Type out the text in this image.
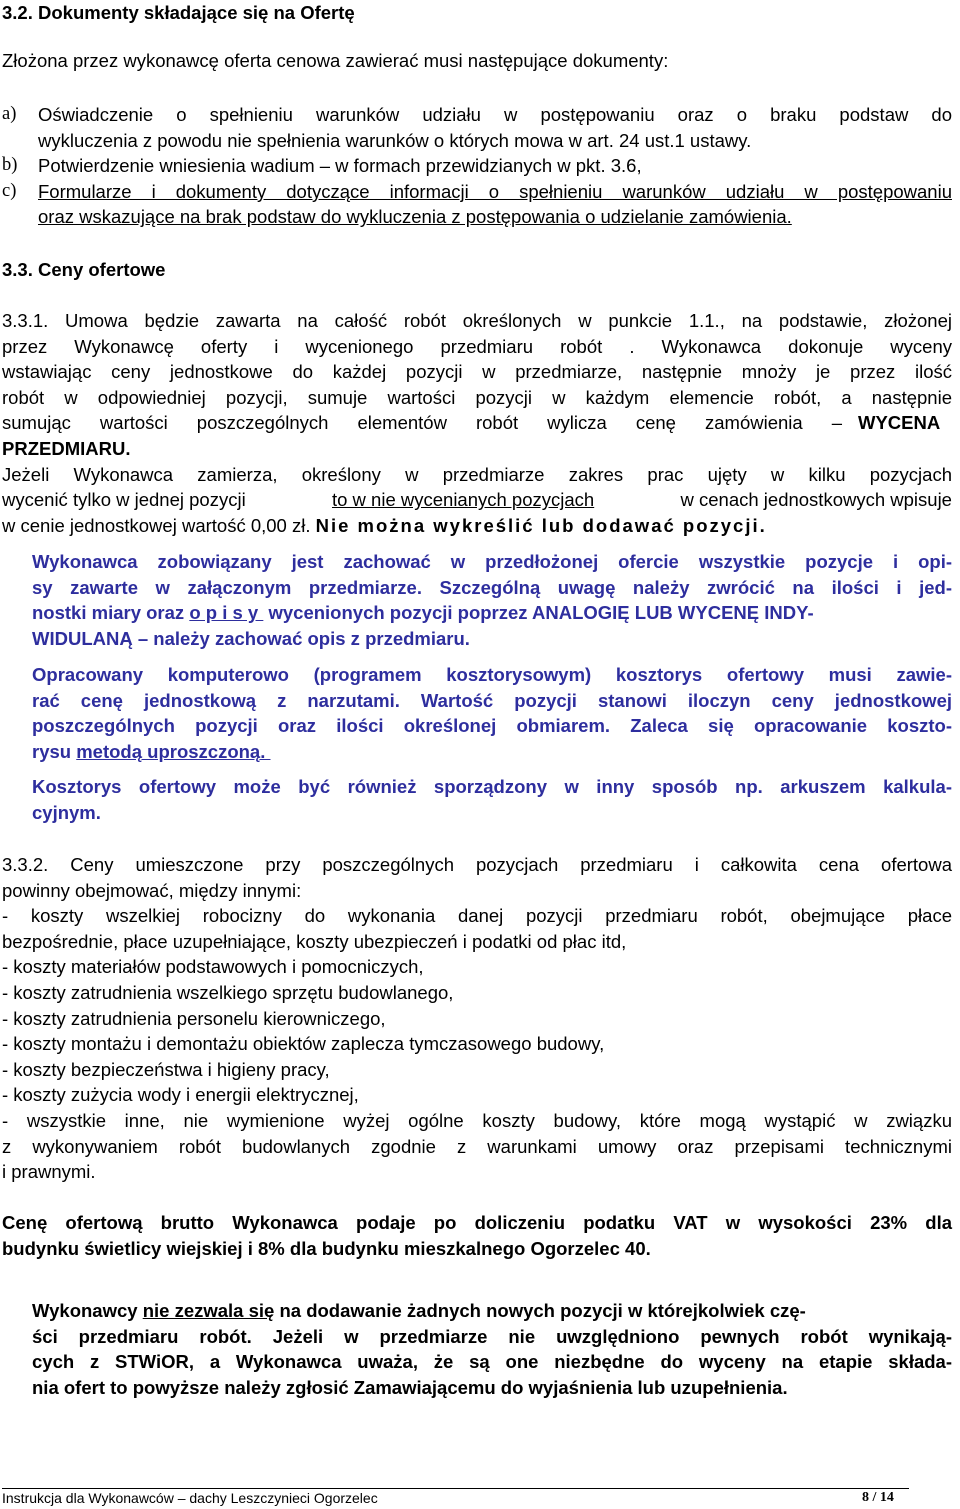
3.2. Dokumenty składające się na Ofertę
Złożona przez wykonawcę oferta cenowa zawierać musi następujące dokumenty:
a) Oświadczenie o spełnieniu warunków udziału w postępowaniu oraz o braku podstaw do
wykluczenia z powodu nie spełnienia warunków o których mowa w art. 24 ust.1 ustawy.
b) Potwierdzenie wniesienia wadium – w formach przewidzianych w pkt. 3.6,
c) Formularze i dokumenty dotyczące informacji o spełnieniu warunków udziału w postępowaniu
oraz wskazujące na brak podstaw do wykluczenia z postępowania o udzielanie zamówienia.
3.3. Ceny ofertowe
3.3.1. Umowa będzie zawarta na całość robót określonych w punkcie 1.1., na podstawie, złożonej
przez Wykonawcę oferty i wycenionego przedmiaru robót . Wykonawca dokonuje wyceny
wstawiając ceny jednostkowe do każdej pozycji w przedmiarze, następnie mnoży je przez ilość
robót w odpowiedniej pozycji, sumuje wartości pozycji w każdym elemencie robót, a następnie
sumując wartości poszczególnych elementów robót wylicza cenę zamówienia – WYCENA
PRZEDMIARU.
Jeżeli Wykonawca zamierza, określony w przedmiarze zakres prac ujęty w kilku pozycjach
wycenić tylko w jednej pozycji	to w nie wycenianych pozycjach	w cenach jednostkowych wpisuje
w cenie jednostkowej wartość 0,00 zł. Nie można wykreślić lub dodawać pozycji.
Wykonawca zobowiązany jest zachować w przedłożonej ofercie wszystkie pozycje i opi-
sy zawarte w załączonym przedmiarze. Szczególną uwagę należy zwrócić na ilości i jed-
nostki miary oraz o p i s y wycenionych pozycji poprzez ANALOGIĘ LUB WYCENĘ INDY-
WIDULANĄ – należy zachować opis z przedmiaru.
Opracowany komputerowo (programem kosztorysowym) kosztorys ofertowy musi zawie-
rać cenę jednostkową z narzutami. Wartość pozycji stanowi iloczyn ceny jednostkowej
poszczególnych pozycji oraz ilości określonej obmiarem. Zaleca się opracowanie koszto-
rysu metodą uproszczoną.
Kosztorys ofertowy może być również sporządzony w inny sposób np. arkuszem kalkula-
cyjnym.
3.3.2. Ceny umieszczone przy poszczególnych pozycjach przedmiaru i całkowita cena ofertowa
powinny obejmować, między innymi:
- koszty wszelkiej robocizny do wykonania danej pozycji przedmiaru robót, obejmujące płace
bezpośrednie, płace uzupełniające, koszty ubezpieczeń i podatki od płac itd,
- koszty materiałów podstawowych i pomocniczych,
- koszty zatrudnienia wszelkiego sprzętu budowlanego,
- koszty zatrudnienia personelu kierowniczego,
- koszty montażu i demontażu obiektów zaplecza tymczasowego budowy,
- koszty bezpieczeństwa i higieny pracy,
- koszty zużycia wody i energii elektrycznej,
- wszystkie inne, nie wymienione wyżej ogólne koszty budowy, które mogą wystąpić w związku
z wykonywaniem robót budowlanych zgodnie z warunkami umowy oraz przepisami technicznymi
i prawnymi.
Cenę ofertową brutto Wykonawca podaje po doliczeniu podatku VAT w wysokości 23% dla
budynku świetlicy wiejskiej i 8% dla budynku mieszkalnego Ogorzelec 40.
Wykonawcy nie zezwala się na dodawanie żadnych nowych pozycji w którejkolwiek czę-
ści przedmiaru robót. Jeżeli w przedmiarze nie uwzględniono pewnych robót wynikają-
cych z STWiOR, a Wykonawca uważa, że są one niezbędne do wyceny na etapie składa-
nia ofert to powyższe należy zgłosić Zamawiającemu do wyjaśnienia lub uzupełnienia.
Instrukcja dla Wykonawców – dachy Leszczynieci Ogorzelec	8 / 14
